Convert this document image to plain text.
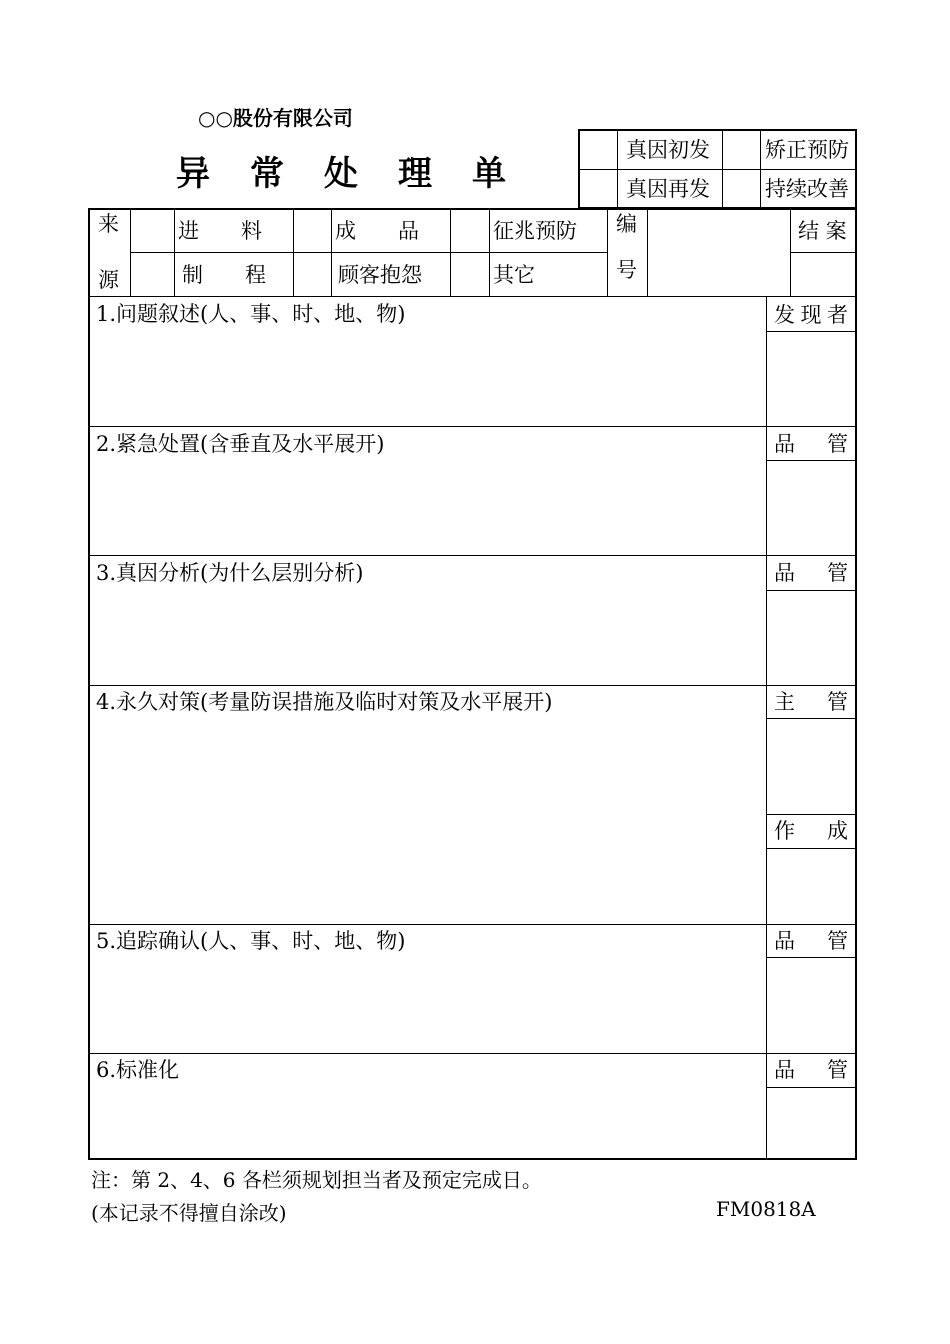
○○股份有限公司
异常处理单
真因初发	矫正预防
真因再发	持续改善
来
源
进　　料	成　　品	征兆预防
制　　程	顾客抱怨	其它
编
号
结 案
1.问题叙述(人、事、时、地、物)	发 现 者
2.紧急处置(含垂直及水平展开)	品 管
3.真因分析(为什么层别分析)	品 管
4.永久对策(考量防误措施及临时对策及水平展开)	主 管
作 成
5.追踪确认(人、事、时、地、物)	品 管
6.标准化	品 管
注：第 2、4、6 各栏须规划担当者及预定完成日。
(本记录不得擅自涂改)	FM0818A
